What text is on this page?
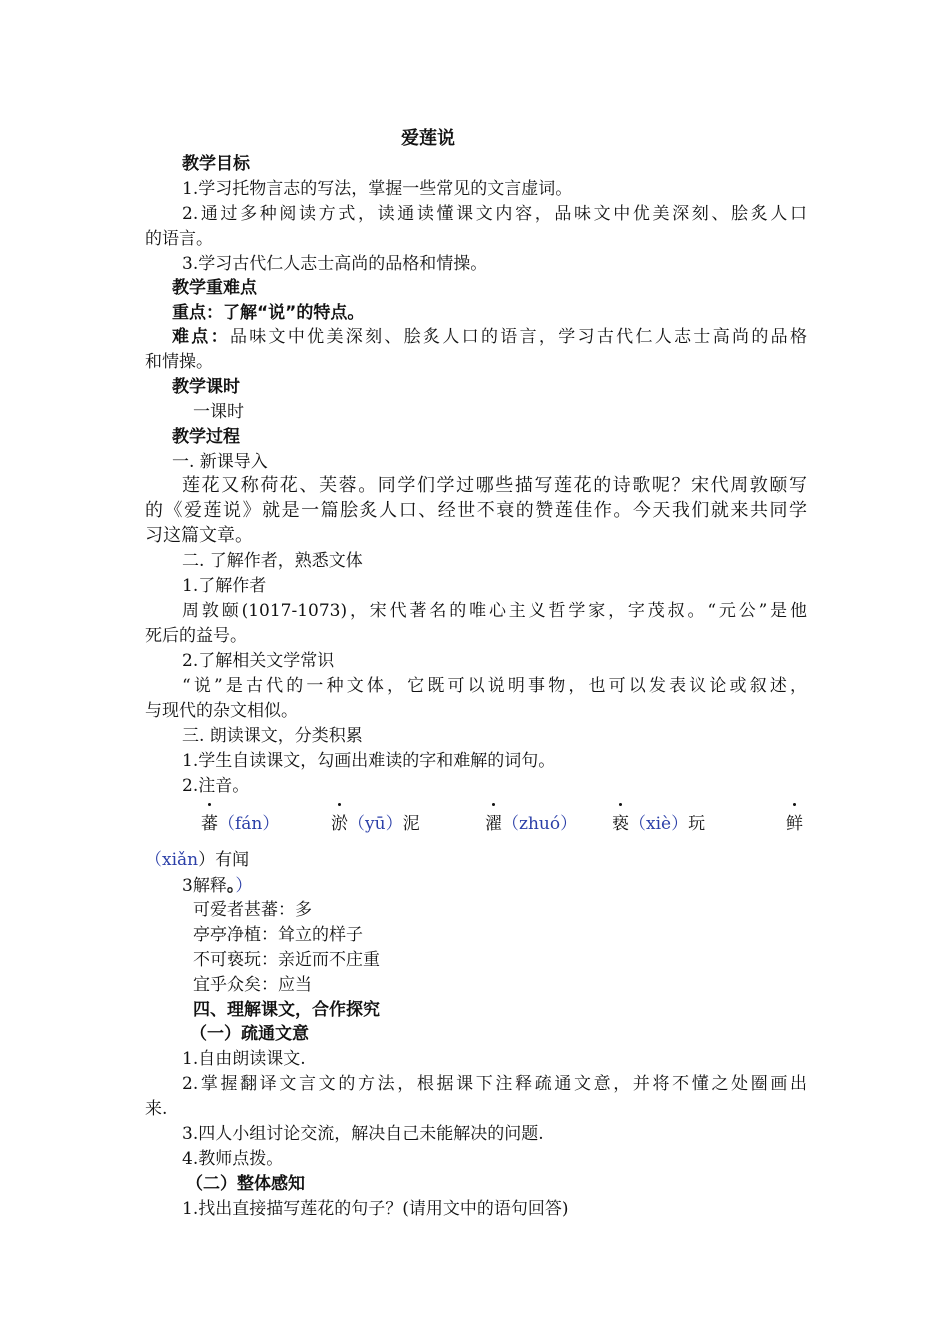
爱莲说
教学目标
1.学习托物言志的写法，掌握一些常见的文言虚词。
2.通过多种阅读方式，读通读懂课文内容，品味文中优美深刻、脍炙人口
的语言。
3.学习古代仁人志士高尚的品格和情操。
教学重难点
重点：了解“说”的特点。
难点：品味文中优美深刻、脍炙人口的语言，学习古代仁人志士高尚的品格
和情操。
教学课时
一课时
教学过程
一. 新课导入
莲花又称荷花、芙蓉。同学们学过哪些描写莲花的诗歌呢？宋代周敦颐写
的《爱莲说》就是一篇脍炙人口、经世不衰的赞莲佳作。今天我们就来共同学
习这篇文章。
二. 了解作者，熟悉文体
1.了解作者
周敦颐(1017-1073)，宋代著名的唯心主义哲学家，字茂叔。“元公”是他
死后的益号。
2.了解相关文学常识
“说”是古代的一种文体，它既可以说明事物，也可以发表议论或叙述，
与现代的杂文相似。
三. 朗读课文，分类积累
1.学生自读课文，勾画出难读的字和难解的词句。
2.注音。
蕃（fán）	淤（yū）泥	濯（zhuó） 亵（xiè）玩	鲜
（xiǎn）有闻
3解释。）
可爱者甚蕃：多
亭亭净植：耸立的样子
不可亵玩：亲近而不庄重
宜乎众矣：应当
四、理解课文，合作探究
（一）疏通文意
1.自由朗读课文.
2.掌握翻译文言文的方法，根据课下注释疏通文意，并将不懂之处圈画出
来.
3.四人小组讨论交流，解决自己未能解决的问题.
4.教师点拨。
（二）整体感知
1.找出直接描写莲花的句子？(请用文中的语句回答)
